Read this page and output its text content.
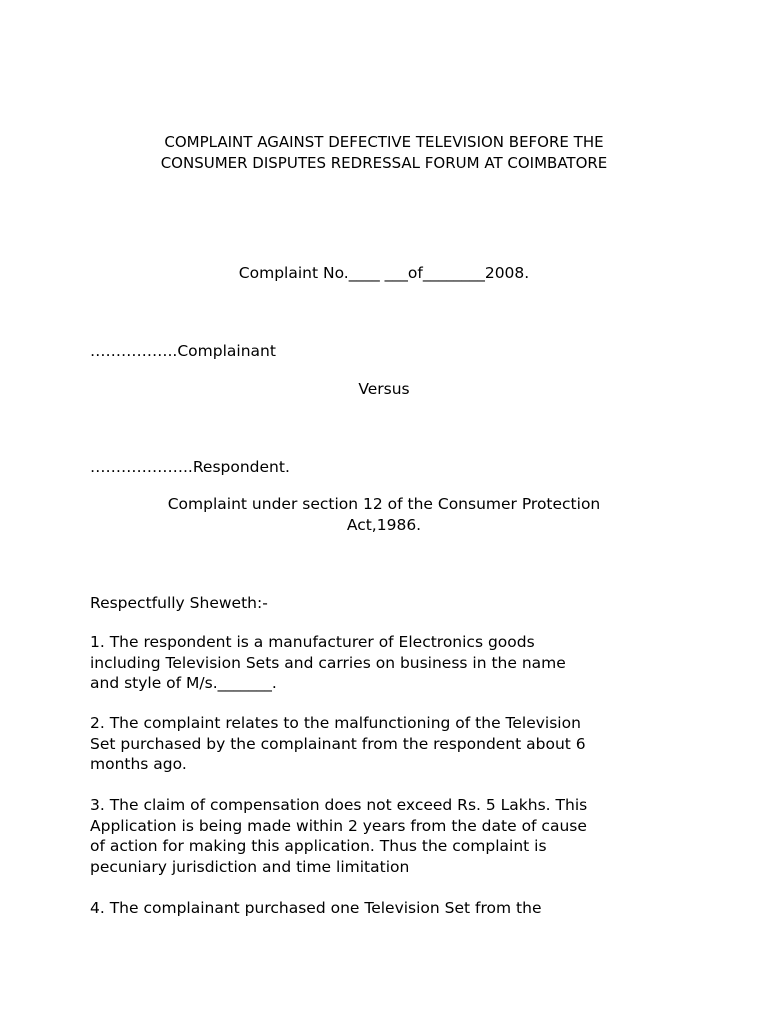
COMPLAINT AGAINST DEFECTIVE TELEVISION BEFORE THE
CONSUMER DISPUTES REDRESSAL FORUM AT COIMBATORE
Complaint No.____ ___of________2008.
……………..Complainant
Versus
………………..Respondent.
Complaint under section 12 of the Consumer Protection
Act,1986.
Respectfully Sheweth:-
1. The respondent is a manufacturer of Electronics goods
including Television Sets and carries on business in the name
and style of M/s._______.
2. The complaint relates to the malfunctioning of the Television
Set purchased by the complainant from the respondent about 6
months ago.
3. The claim of compensation does not exceed Rs. 5 Lakhs. This
Application is being made within 2 years from the date of cause
of action for making this application. Thus the complaint is
pecuniary jurisdiction and time limitation
4. The complainant purchased one Television Set from the
